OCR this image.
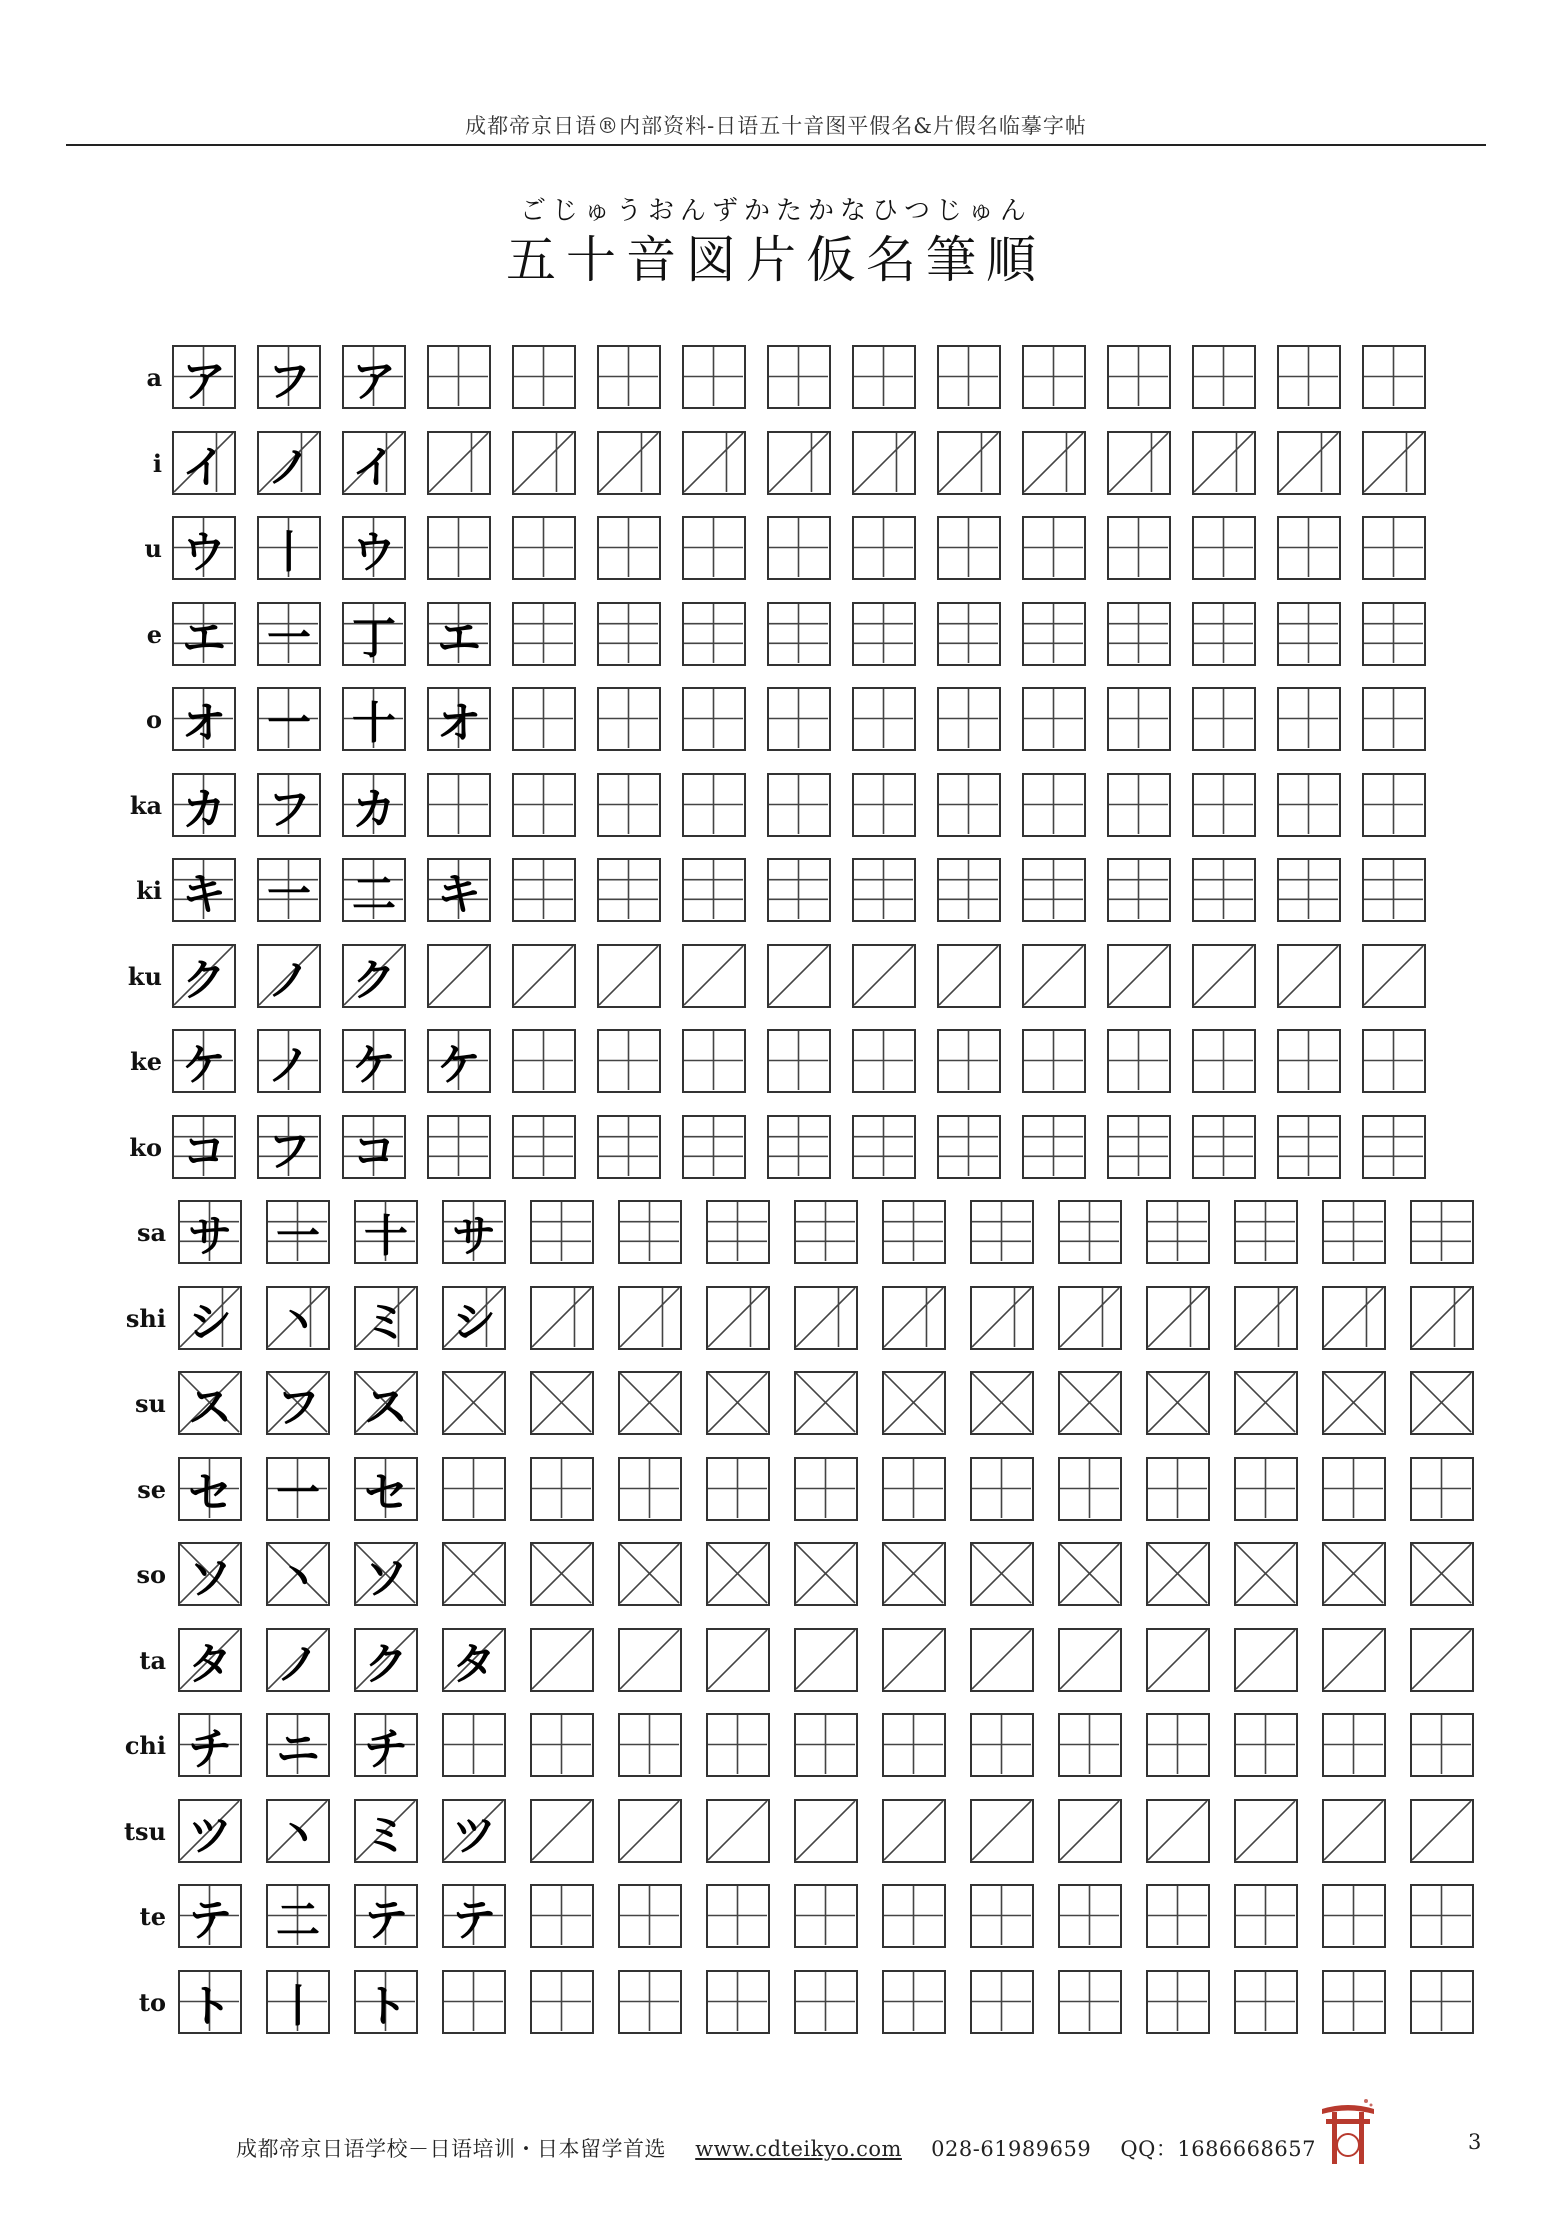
成都帝京日语®内部资料-日语五十音图平假名&片假名临摹字帖
ごじゅうおんずかたかなひつじゅん
五十音図片仮名筆順
a ア フ ア
i イ ノ イ
u ウ 丨 ウ
e エ 一 丁 エ
o オ 一 十 オ
ka カ フ カ
ki キ 一 二 キ
ku ク ノ ク
ke ケ ノ ケ ケ
ko コ フ コ
sa サ 一 十 サ
shi シ 丶 ミ シ
su ス フ ス
se セ 一 セ
so ソ 丶 ソ
ta タ ノ ク タ
chi チ ニ チ
tsu ツ 丶 ミ ツ
te テ 二 テ テ
to ト 丨 ト
成都帝京日语学校－日语培训・日本留学首选 www.cdteikyo.com 028-61989659 QQ：1686668657	3
